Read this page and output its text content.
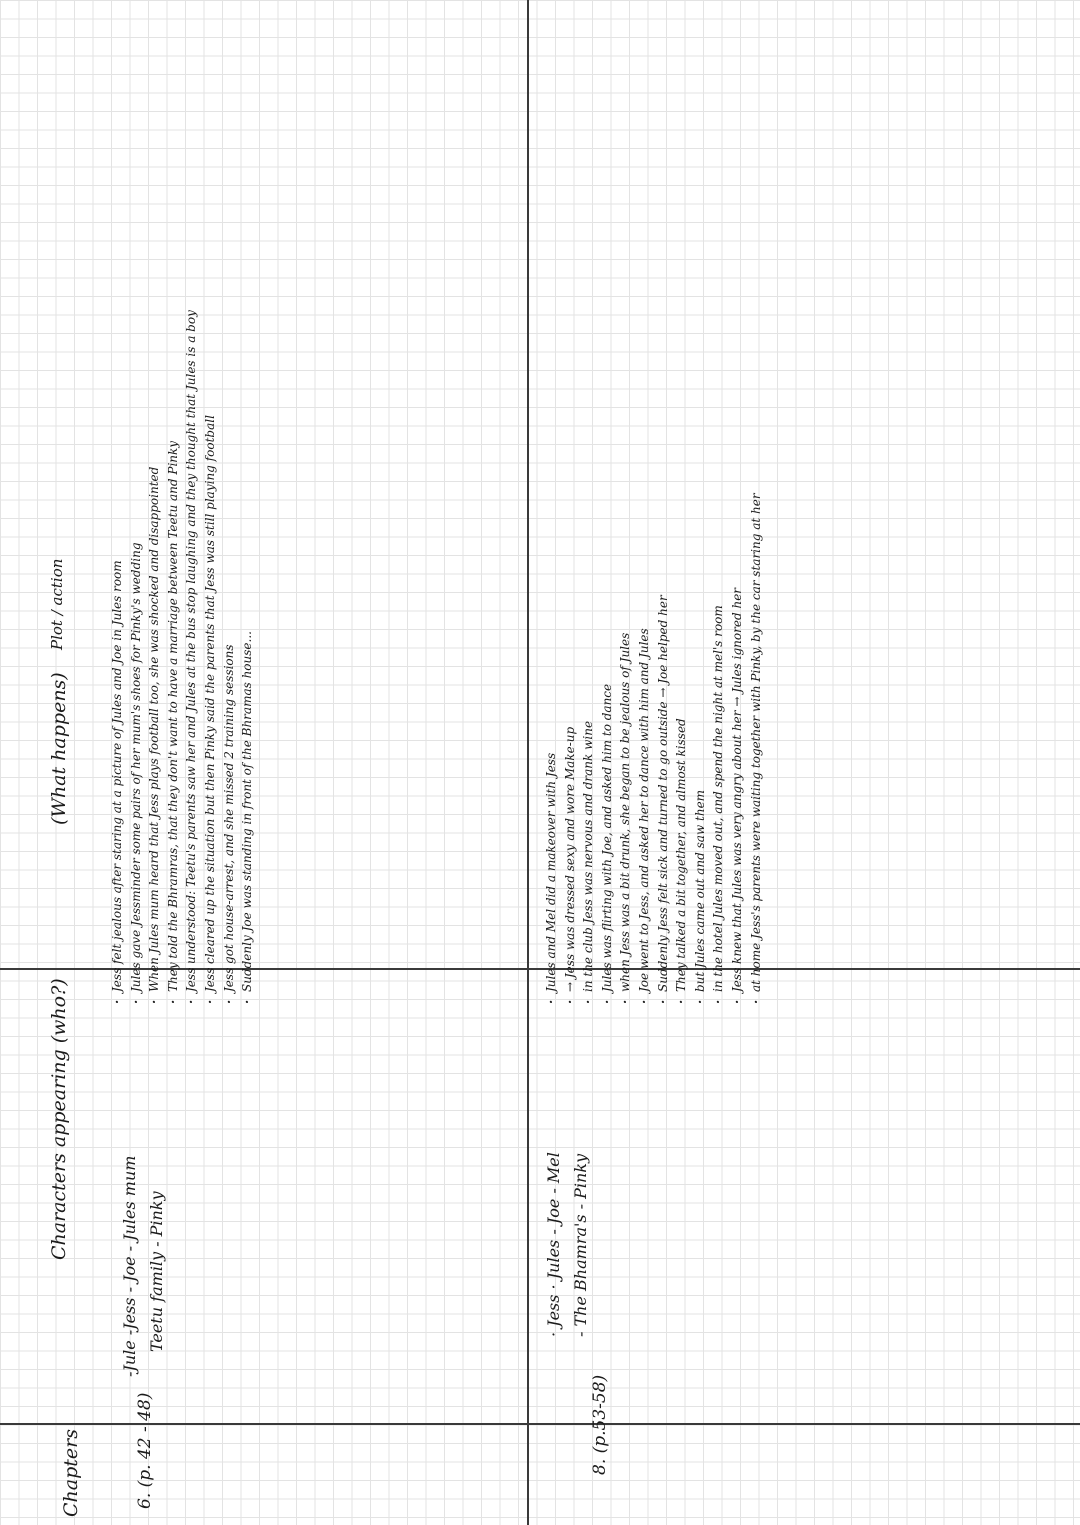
Chapters
Characters appearing (who?)
(What happens)
Plot / action
6. (p. 42 - 48)
-Jule -Jess - Joe - Jules mum Teetu family - Pinky
· Jess felt jealous after staring at a picture of Jules and Joe in Jules room · Jules gave Jessminder some pairs of her mum's shoes for Pinky's wedding · When Jules mum heard that Jess plays football too, she was shocked and disappointed · They told the Bhramras, that they don't want to have a marriage between Teetu and Pinky · Jess understood: Teetu's parents saw her and Jules at the bus stop laughing and they thought that Jules is a boy · Jess cleared up the situation but then Pinky said the parents that Jess was still playing football · Jess got house-arrest, and she missed 2 training sessions · Suddenly Joe was standing in front of the Bhramas house...
8. (p.53-58)
· Jess · Jules - Joe - Mel - The Bhamra's - Pinky
· Jules and Mel did a makeover with Jess · → Jess was dressed sexy and wore Make-up · in the club Jess was nervous and drank wine · Jules was flirting with Joe, and asked him to dance · when Jess was a bit drunk, she began to be jealous of Jules · Joe went to Jess, and asked her to dance with him and Jules · Suddenly Jess felt sick and turned to go outside → Joe helped her · They talked a bit together, and almost kissed · but Jules came out and saw them · in the hotel Jules moved out, and spend the night at mel's room · Jess knew that Jules was very angry about her → Jules ignored her · at home Jess's parents were waiting together with Pinky, by the car staring at her
